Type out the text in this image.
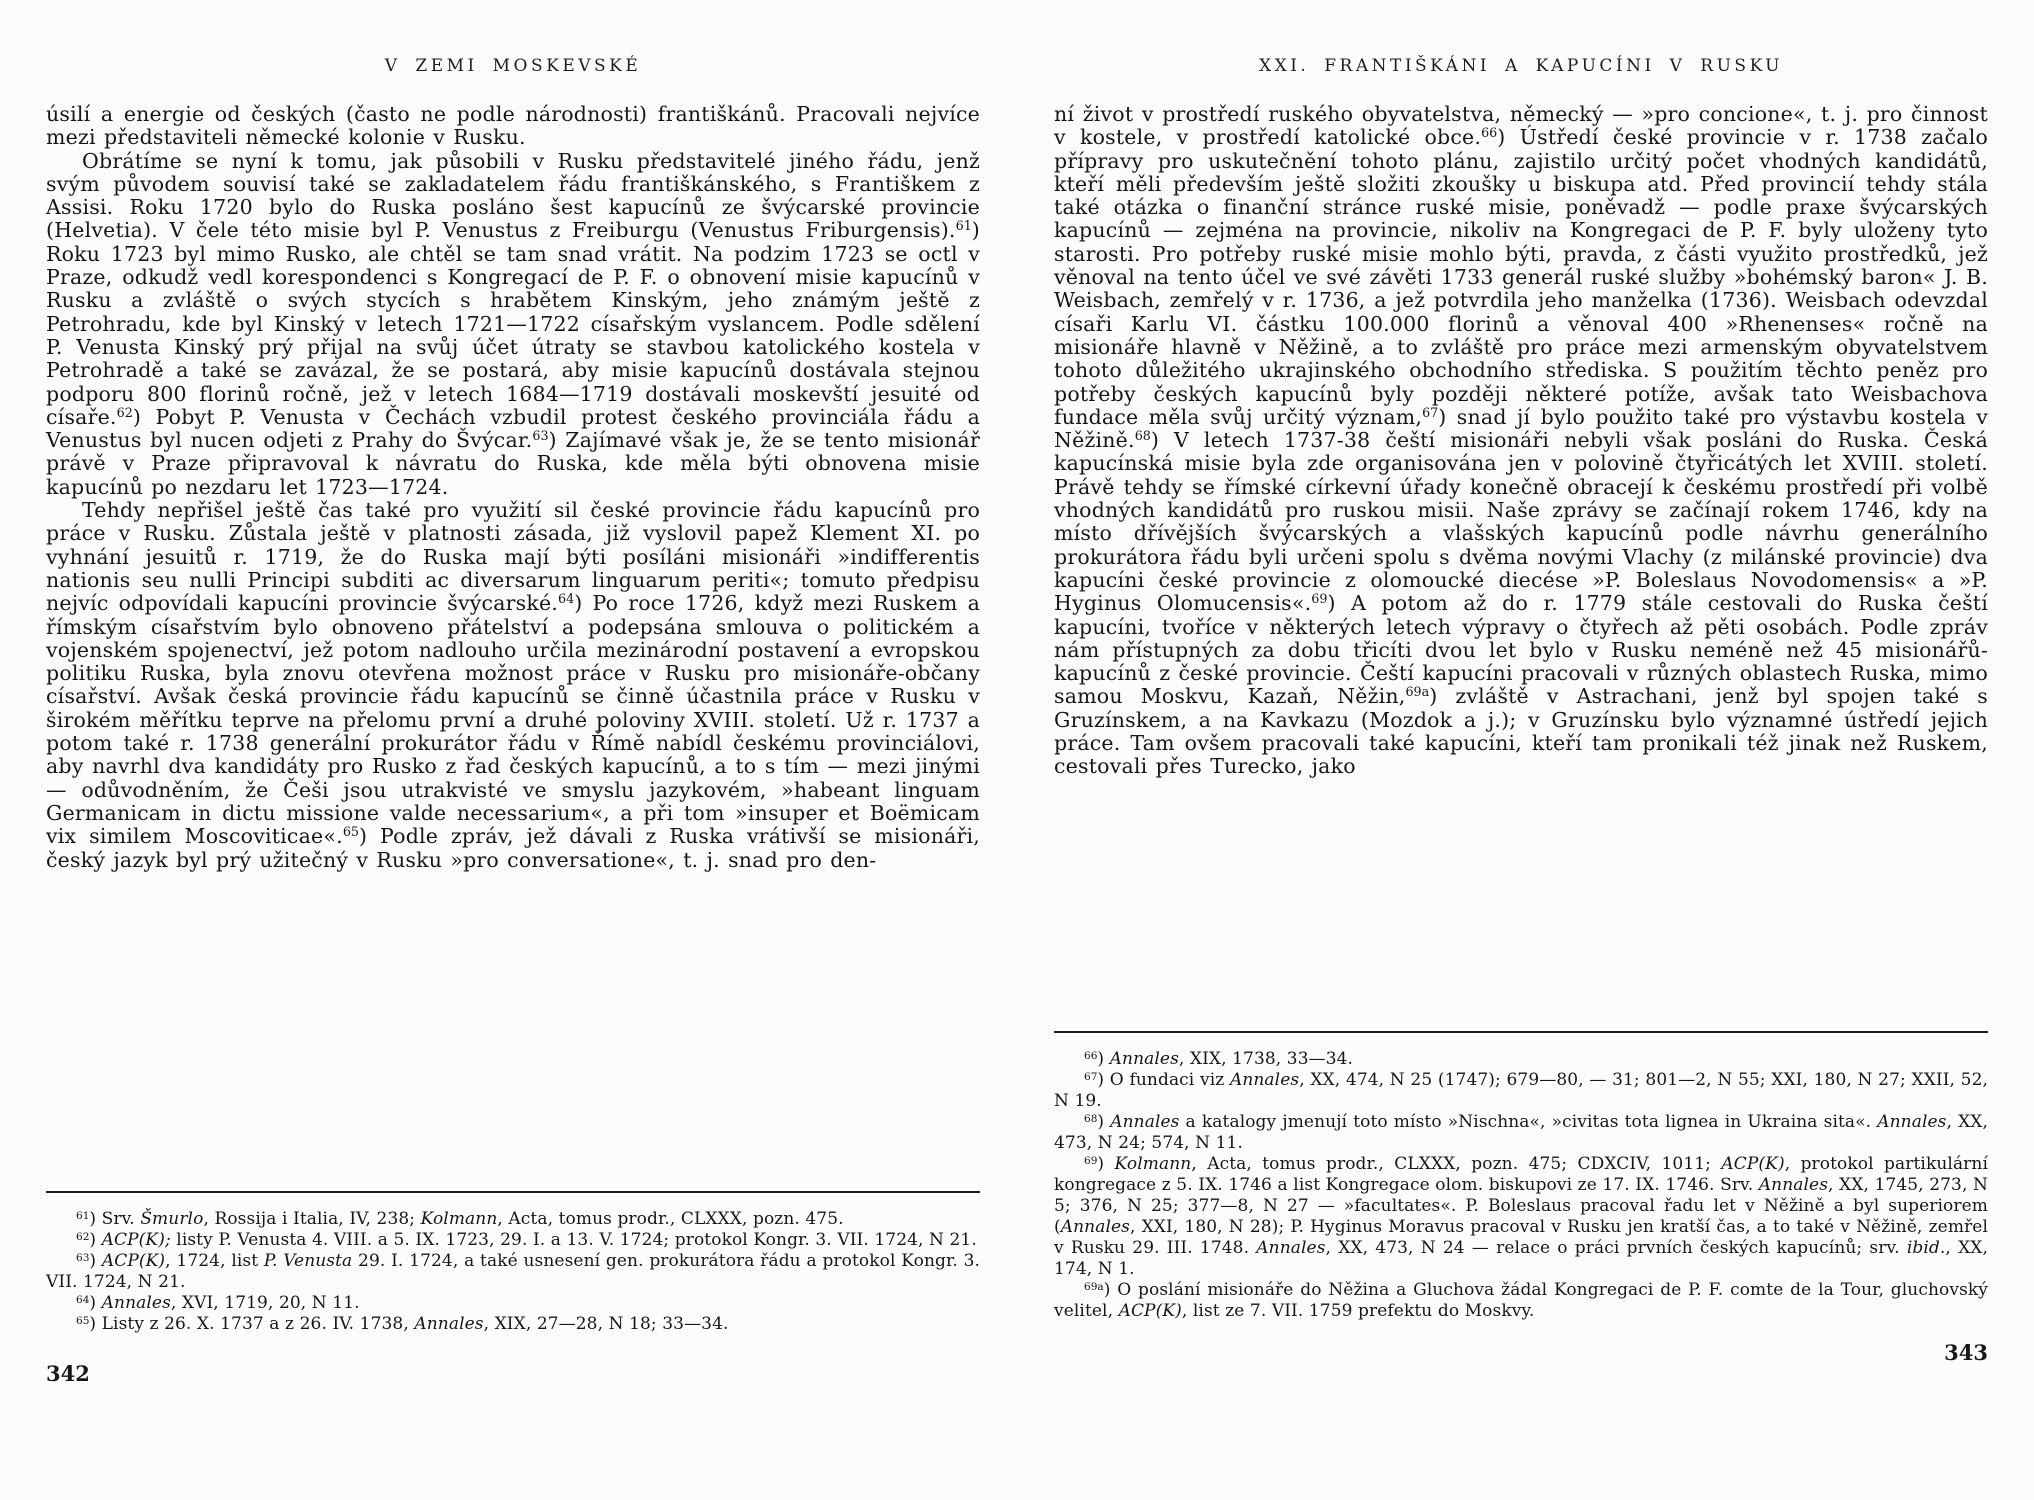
V ZEMI MOSKEVSKÉ

úsilí a energie od českých (často ne podle národnosti) františkánů. Pracovali nejvíce mezi představiteli německé kolonie v Rusku.

Obrátíme se nyní k tomu, jak působili v Rusku představitelé jiného řádu, jenž svým původem souvisí také se zakladatelem řádu františkánského, s Františkem z Assisi. Roku 1720 bylo do Ruska posláno šest kapucínů ze švýcarské provincie (Helvetia). V čele této misie byl P. Venustus z Freiburgu (Venustus Friburgensis).$^{61}$) Roku 1723 byl mimo Rusko, ale chtěl se tam snad vrátit. Na podzim 1723 se octl v Praze, odkudž vedl korespondenci s Kongregací de P. F. o obnovení misie kapucínů v Rusku a zvláště o svých stycích s hrabětem Kinským, jeho známým ještě z Petrohradu, kde byl Kinský v letech 1721—1722 císařským vyslancem. Podle sdělení P. Venusta Kinský prý přijal na svůj účet útraty se stavbou katolického kostela v Petrohradě a také se zavázal, že se postará, aby misie kapucínů dostávala stejnou podporu 800 florinů ročně, jež v letech 1684—1719 dostávali moskevští jesuité od císaře.$^{62}$) Pobyt P. Venusta v Čechách vzbudil protest českého provinciála řádu a Venustus byl nucen odjeti z Prahy do Švýcar.$^{63}$) Zajímavé však je, že se tento misionář právě v Praze připravoval k návratu do Ruska, kde měla býti obnovena misie kapucínů po nezdaru let 1723—1724.

Tehdy nepřišel ještě čas také pro využití sil české provincie řádu kapucínů pro práce v Rusku. Zůstala ještě v platnosti zásada, již vyslovil papež Klement XI. po vyhnání jesuitů r. 1719, že do Ruska mají býti posíláni misionáři »indifferentis nationis seu nulli Principi subditi ac diversarum linguarum periti«; tomuto předpisu nejvíc odpovídali kapucíni provincie švýcarské.$^{64}$) Po roce 1726, když mezi Ruskem a římským císařstvím bylo obnoveno přátelství a podepsána smlouva o politickém a vojenském spojenectví, jež potom nadlouho určila mezinárodní postavení a evropskou politiku Ruska, byla znovu otevřena možnost práce v Rusku pro misionáře-občany císařství. Avšak česká provincie řádu kapucínů se činně účastnila práce v Rusku v širokém měřítku teprve na přelomu první a druhé poloviny XVIII. století. Už r. 1737 a potom také r. 1738 generální prokurátor řádu v Římě nabídl českému provinciálovi, aby navrhl dva kandidáty pro Rusko z řad českých kapucínů, a to s tím — mezi jinými — odůvodněním, že Češi jsou utrakvisté ve smyslu jazykovém, »habeant linguam Germanicam in dictu missione valde necessarium«, a při tom »insuper et Boëmicam vix similem Moscoviticae«.$^{65}$) Podle zpráv, jež dávali z Ruska vrátivší se misionáři, český jazyk byl prý užitečný v Rusku »pro conversatione«, t. j. snad pro den-

$^{61}$) Srv. Šmurlo, Rossija i Italia, IV, 238; Kolmann, Acta, tomus prodr., CLXXX, pozn. 475.

$^{62}$) ACP(K); listy P. Venusta 4. VIII. a 5. IX. 1723, 29. I. a 13. V. 1724; protokol Kongr. 3. VII. 1724, N 21.

$^{63}$) ACP(K), 1724, list P. Venusta 29. I. 1724, a také usnesení gen. prokurátora řádu a protokol Kongr. 3. VII. 1724, N 21.

$^{64}$) Annales, XVI, 1719, 20, N 11.

$^{65}$) Listy z 26. X. 1737 a z 26. IV. 1738, Annales, XIX, 27—28, N 18; 33—34.

342
XXI. FRANTIŠKÁNI A KAPUCÍNI V RUSKU

ní život v prostředí ruského obyvatelstva, německý — »pro concione«, t. j. pro činnost v kostele, v prostředí katolické obce.$^{66}$) Ústředí české provincie v r. 1738 začalo přípravy pro uskutečnění tohoto plánu, zajistilo určitý počet vhodných kandidátů, kteří měli především ještě složiti zkoušky u biskupa atd. Před provincií tehdy stála také otázka o finanční stránce ruské misie, poněvadž — podle praxe švýcarských kapucínů — zejména na provincie, nikoliv na Kongregaci de P. F. byly uloženy tyto starosti. Pro potřeby ruské misie mohlo býti, pravda, z části využito prostředků, jež věnoval na tento účel ve své závěti 1733 generál ruské služby »bohémský baron« J. B. Weisbach, zemřelý v r. 1736, a jež potvrdila jeho manželka (1736). Weisbach odevzdal císaři Karlu VI. částku 100.000 florinů a věnoval 400 »Rhenenses« ročně na misionáře hlavně v Něžině, a to zvláště pro práce mezi armenským obyvatelstvem tohoto důležitého ukrajinského obchodního střediska. S použitím těchto peněz pro potřeby českých kapucínů byly později některé potíže, avšak tato Weisbachova fundace měla svůj určitý význam,$^{67}$) snad jí bylo použito také pro výstavbu kostela v Něžině.$^{68}$) V letech 1737-38 čeští misionáři nebyli však posláni do Ruska. Česká kapucínská misie byla zde organisována jen v polovině čtyřicátých let XVIII. století. Právě tehdy se římské církevní úřady konečně obracejí k českému prostředí při volbě vhodných kandidátů pro ruskou misii. Naše zprávy se začínají rokem 1746, kdy na místo dřívějších švýcarských a vlašských kapucínů podle návrhu generálního prokurátora řádu byli určeni spolu s dvěma novými Vlachy (z milánské provincie) dva kapucíni české provincie z olomoucké diecése »P. Boleslaus Novodomensis« a »P. Hyginus Olomucensis«.$^{69}$) A potom až do r. 1779 stále cestovali do Ruska čeští kapucíni, tvoříce v některých letech výpravy o čtyřech až pěti osobách. Podle zpráv nám přístupných za dobu třicíti dvou let bylo v Rusku neméně než 45 misionářů-kapucínů z české provincie. Čeští kapucíni pracovali v různých oblastech Ruska, mimo samou Moskvu, Kazaň, Něžin,$^{69a}$) zvláště v Astrachani, jenž byl spojen také s Gruzínskem, a na Kavkazu (Mozdok a j.); v Gruzínsku bylo významné ústředí jejich práce. Tam ovšem pracovali také kapucíni, kteří tam pronikali též jinak než Ruskem, cestovali přes Turecko, jako

$^{66}$) Annales, XIX, 1738, 33—34.

$^{67}$) O fundaci viz Annales, XX, 474, N 25 (1747); 679—80, — 31; 801—2, N 55; XXI, 180, N 27; XXII, 52, N 19.

$^{68}$) Annales a katalogy jmenují toto místo »Nischna«, »civitas tota lignea in Ukraina sita«. Annales, XX, 473, N 24; 574, N 11.

$^{69}$) Kolmann, Acta, tomus prodr., CLXXX, pozn. 475; CDXCIV, 1011; ACP(K), protokol partikulární kongregace z 5. IX. 1746 a list Kongregace olom. biskupovi ze 17. IX. 1746. Srv. Annales, XX, 1745, 273, N 5; 376, N 25; 377—8, N 27 — »facultates«. P. Boleslaus pracoval řadu let v Něžině a byl superiorem (Annales, XXI, 180, N 28); P. Hyginus Moravus pracoval v Rusku jen kratší čas, a to také v Něžině, zemřel v Rusku 29. III. 1748. Annales, XX, 473, N 24 — relace o práci prvních českých kapucínů; srv. ibid., XX, 174, N 1.

$^{69a}$) O poslání misionáře do Něžina a Gluchova žádal Kongregaci de P. F. comte de la Tour, gluchovský velitel, ACP(K), list ze 7. VII. 1759 prefektu do Moskvy.

343
